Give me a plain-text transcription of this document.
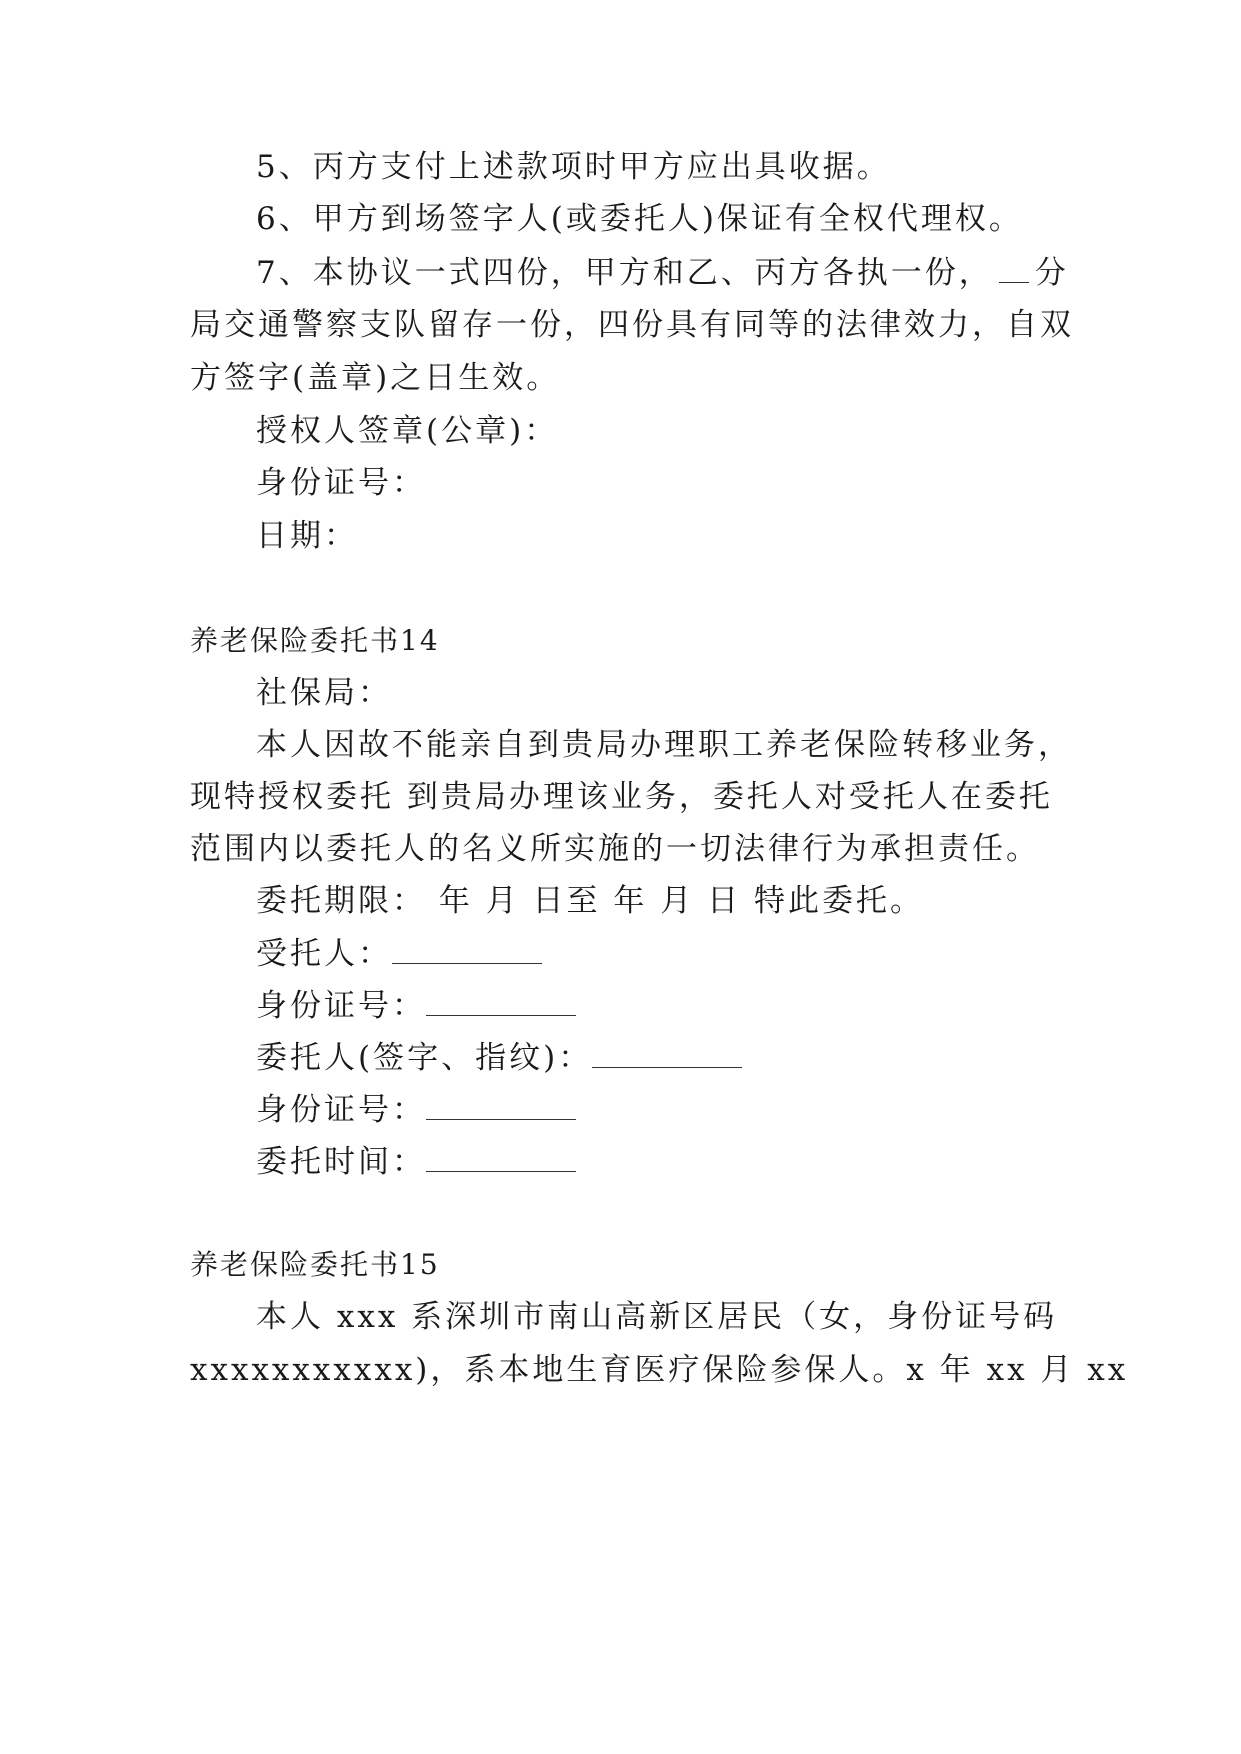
5、丙方支付上述款项时甲方应出具收据。
6、甲方到场签字人(或委托人)保证有全权代理权。
7、本协议一式四份，甲方和乙、丙方各执一份， 分
局交通警察支队留存一份，四份具有同等的法律效力，自双
方签字(盖章)之日生效。
授权人签章(公章)：
身份证号：
日期：
养老保险委托书14
社保局：
本人因故不能亲自到贵局办理职工养老保险转移业务，
现特授权委托 到贵局办理该业务，委托人对受托人在委托
范围内以委托人的名义所实施的一切法律行为承担责任。
委托期限： 年 月 日至 年 月 日 特此委托。
受托人：
身份证号：
委托人(签字、指纹)：
身份证号：
委托时间：
养老保险委托书15
本人 xxx 系深圳市南山高新区居民（女，身份证号码
xxxxxxxxxxx)，系本地生育医疗保险参保人。x 年 xx 月 xx
